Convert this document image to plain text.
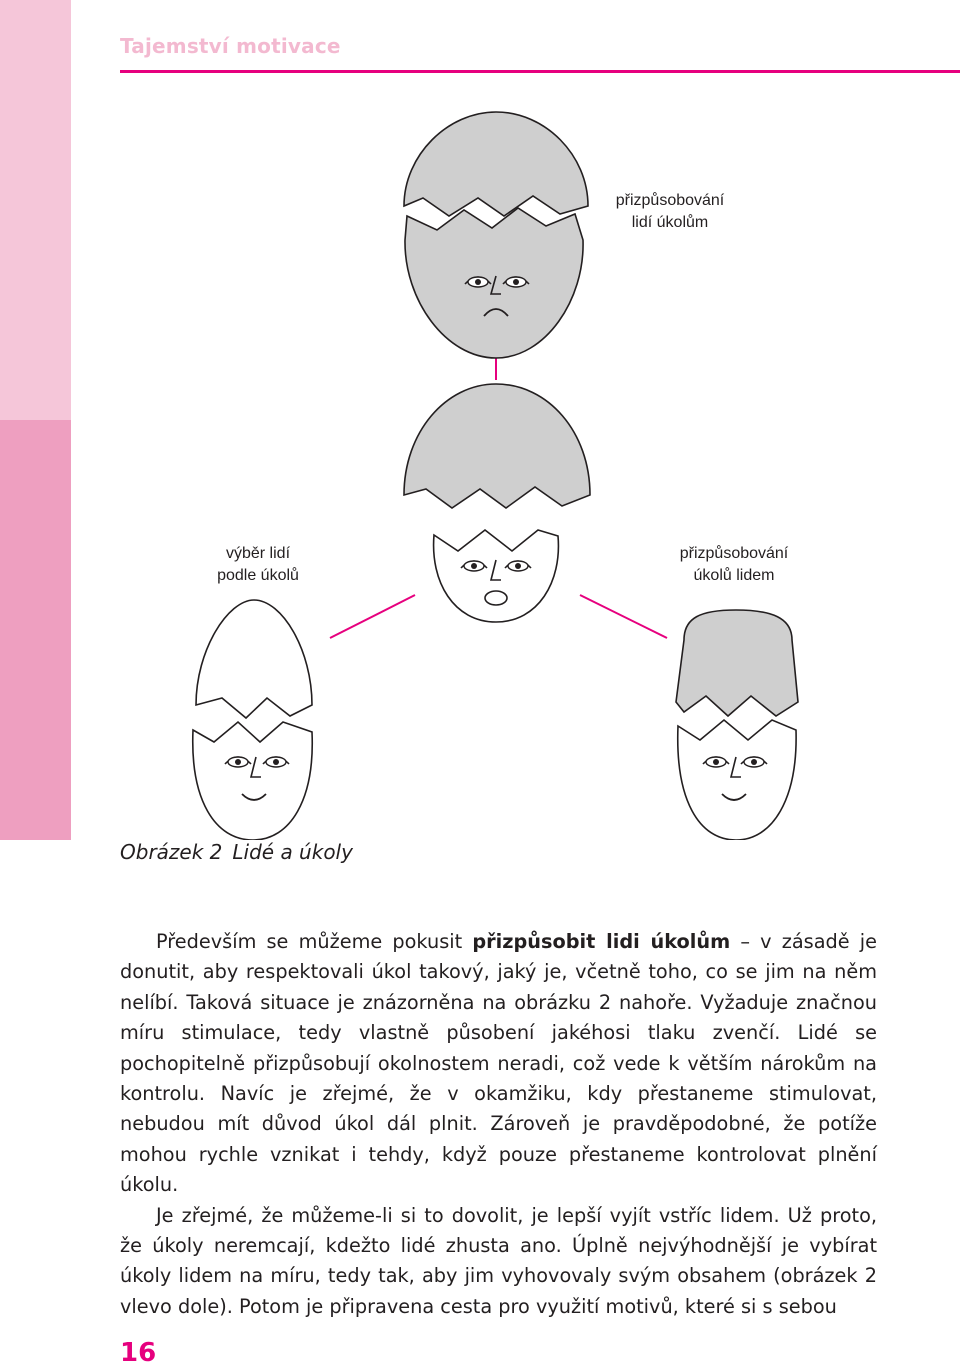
Tajemství motivace
přizpůsobování
lidí úkolům
výběr lidí
podle úkolů
přizpůsobování
úkolů lidem
Obrázek 2 Lidé a úkoly

Především se můžeme pokusit přizpůsobit lidi úkolům – v zásadě je donutit, aby respektovali úkol takový, jaký je, včetně toho, co se jim na něm nelíbí. Taková situace je znázorněna na obrázku 2 nahoře. Vyžaduje značnou míru stimulace, tedy vlastně působení jakéhosi tlaku zvenčí. Lidé se pochopitelně přizpůsobují okolnostem neradi, což vede k větším nárokům na kontrolu. Navíc je zřejmé, že v okamžiku, kdy přestaneme stimulovat, nebudou mít důvod úkol dál plnit. Zároveň je pravděpodobné, že potíže mohou rychle vznikat i tehdy, když pouze přestaneme kontrolovat plnění úkolu.

Je zřejmé, že můžeme-li si to dovolit, je lepší vyjít vstříc lidem. Už proto, že úkoly neremcají, kdežto lidé zhusta ano. Úplně nejvýhodnější je vybírat úkoly lidem na míru, tedy tak, aby jim vyhovovaly svým obsahem (obrázek 2 vlevo dole). Potom je připravena cesta pro využití motivů, které si s sebou

16
